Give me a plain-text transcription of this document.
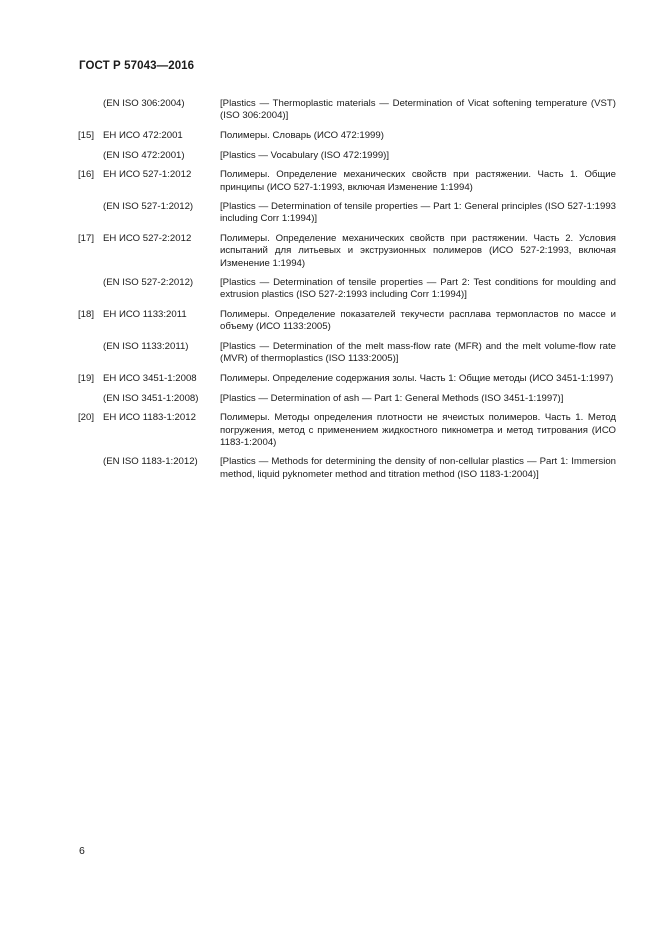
ГОСТ Р 57043—2016
(EN ISO 306:2004)	[Plastics — Thermoplastic materials — Determination of Vicat softening temperature (VST) (ISO 306:2004)]
[15] ЕН ИСО 472:2001	Полимеры. Словарь (ИСО 472:1999)
(EN ISO 472:2001)	[Plastics — Vocabulary (ISO 472:1999)]
[16] ЕН ИСО 527-1:2012	Полимеры. Определение механических свойств при растяжении. Часть 1. Общие принципы (ИСО 527-1:1993, включая Изменение 1:1994)
(EN ISO 527-1:2012)	[Plastics — Determination of tensile properties — Part 1: General principles (ISO 527-1:1993 including Corr 1:1994)]
[17] ЕН ИСО 527-2:2012	Полимеры. Определение механических свойств при растяжении. Часть 2. Условия испытаний для литьевых и экструзионных полимеров (ИСО 527-2:1993, включая Изменение 1:1994)
(EN ISO 527-2:2012)	[Plastics — Determination of tensile properties — Part 2: Test conditions for moulding and extrusion plastics (ISO 527-2:1993 including Corr 1:1994)]
[18] ЕН ИСО 1133:2011	Полимеры. Определение показателей текучести расплава термопластов по массе и объему (ИСО 1133:2005)
(EN ISO 1133:2011)	[Plastics — Determination of the melt mass-flow rate (MFR) and the melt volume-flow rate (MVR) of thermoplastics (ISO 1133:2005)]
[19] ЕН ИСО 3451-1:2008	Полимеры. Определение содержания золы. Часть 1: Общие методы (ИСО 3451-1:1997)
(EN ISO 3451-1:2008)	[Plastics — Determination of ash — Part 1: General Methods (ISO 3451-1:1997)]
[20] ЕН ИСО 1183-1:2012	Полимеры. Методы определения плотности не ячеистых полимеров. Часть 1. Метод погружения, метод с применением жидкостного пикнометра и метод титрования (ИСО 1183-1:2004)
(EN ISO 1183-1:2012)	[Plastics — Methods for determining the density of non-cellular plastics — Part 1: Immersion method, liquid pyknometer method and titration method (ISO 1183-1:2004)]
6
